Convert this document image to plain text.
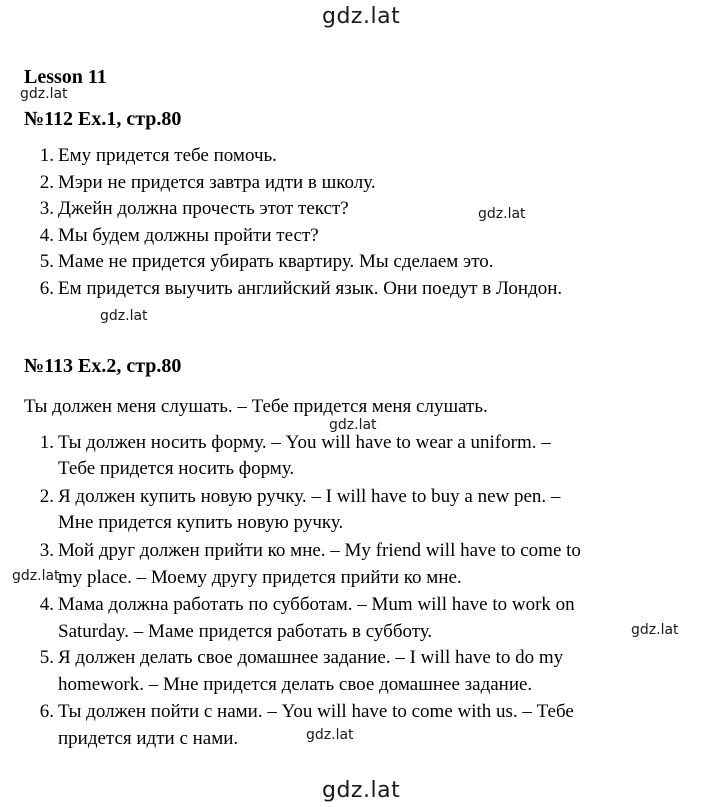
gdz.lat
gdz.lat
gdz.lat
gdz.lat
gdz.lat
gdz.lat
gdz.lat
gdz.lat
gdz.lat
Lesson 11
№112 Ex.1, стр.80
1. Ему придется тебе помочь.
2. Мэри не придется завтра идти в школу.
3. Джейн должна прочесть этот текст?
4. Мы будем должны пройти тест?
5. Маме не придется убирать квартиру. Мы сделаем это.
6. Ем придется выучить английский язык. Они поедут в Лондон.
№113 Ex.2, стр.80
Ты должен меня слушать. – Тебе придется меня слушать.
1. Ты должен носить форму. – You will have to wear a uniform. –
Тебе придется носить форму.
2. Я должен купить новую ручку. – I will have to buy a new pen. –
Мне придется купить новую ручку.
3. Мой друг должен прийти ко мне. – My friend will have to come to
my place. – Моему другу придется прийти ко мне.
4. Мама должна работать по субботам. – Mum will have to work on
Saturday. – Маме придется работать в субботу.
5. Я должен делать свое домашнее задание. – I will have to do my
homework. – Мне придется делать свое домашнее задание.
6. Ты должен пойти с нами. – You will have to come with us. – Тебе
придется идти с нами.
